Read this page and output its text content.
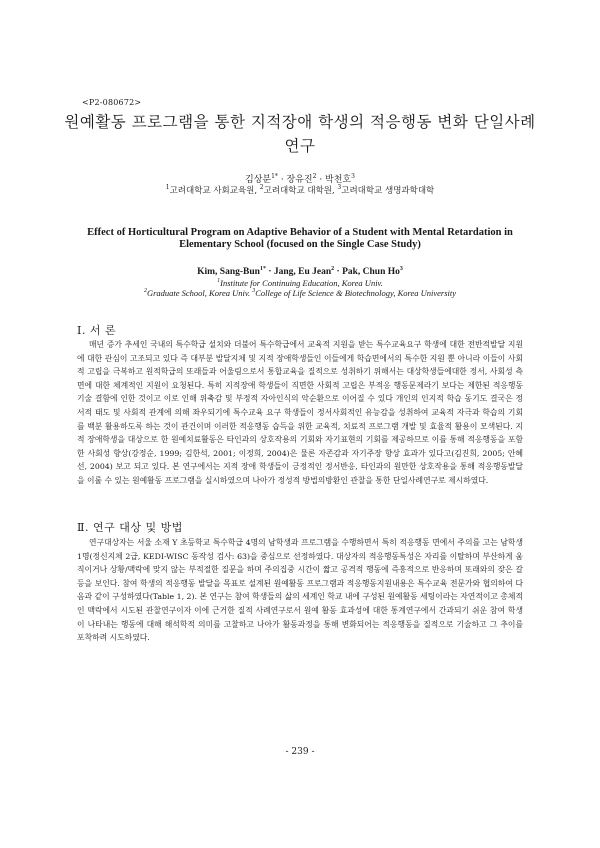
<P2-080672>
원예활동 프로그램을 통한 지적장애 학생의 적응행동 변화 단일사례 연구
김상분$^{1*}$ · 장유진$^2$ · 박천호$^3$
$^1$고려대학교 사회교육원, $^2$고려대학교 대학원, $^3$고려대학교 생명과학대학
Effect of Horticultural Program on Adaptive Behavior of a Student with Mental Retardation in Elementary School (focused on the Single Case Study)
Kim, Sang-Bun$^{1*}$ · Jang, Eu Jean$^2$ · Pak, Chun Ho$^3$
$^1$Institute for Continuing Education, Korea Univ.
$^2$Graduate School, Korea Univ. $^3$College of Life Science & Biotechnology, Korea University
Ⅰ. 서 론
매년 증가 추세인 국내의 특수학급 설치와 더불어 특수학급에서 교육적 지원을 받는 특수교육요구 학생에 대한 전반적발달 지원에 대한 관심이 고조되고 있다 즉 대부분 발달지체 및 지적 장애학생들인 이들에게 학습면에서의 특수한 지원 뿐 아니라 이들이 사회적 고립을 극복하고 원적학급의 또래들과 어울림으로서 통합교육을 질적으로 성취하기 위해서는 대상학생들에대한 정서, 사회성 측면에 대한 체계적인 지원이 요청된다. 특히 지적장애 학생들이 직면한 사회적 고립은 부적응 행동문제라기 보다는 제한된 적응행동 기술 결함에 인한 것이고 이로 인해 위축감 및 부정적 자아인식의 악순환으로 이어질 수 있다 개인의 인지적 학습 동기도 결국은 정서적 태도 및 사회적 관계에 의해 좌우되기에 특수교육 요구 학생들이 정서사회적인 유능감을 성취하여 교육적 자극과 학습의 기회를 백분 활용하도록 하는 것이 관건이며 이러한 적응행동 습득을 위한 교육적, 치료적 프로그램 개발 및 효율적 활용이 모색된다. 지적 장애학생을 대상으로 한 원예치료활동은 타인과의 상호작용의 기회와 자기표현의 기회를 제공하므로 이를 통해 적응행동을 포함한 사회성 향상(강정순, 1999; 김한석, 2001; 이정희, 2004)은 물론 자존감과 자기주장 향상 효과가 있다고(김진희, 2005; 안혜선, 2004) 보고 되고 있다. 본 연구에서는 지적 장애 학생들이 긍정적인 정서반응, 타인과의 원만한 상호작용을 통해 적응행동발달을 이룰 수 있는 원예활동 프로그램을 실시하였으며 나아가 정성적 방법의방환인 관찰을 통한 단일사례연구로 제시하였다.
Ⅱ. 연구 대상 및 방법
연구대상자는 서울 소재 Y 초등학교 특수학급 4명의 남학생과 프로그램을 수행하면서 특히 적응행동 면에서 주의를 고는 남학생 1명(정신지체 2급, KEDI-WISC 동작성 검사: 63)을 중심으로 선정하였다. 대상자의 적응행동특성은 자리를 이탈하며 부산하게 움직이거나 상황/맥락에 맞지 않는 부적절한 질문을 하며 주의집중 시간이 짧고 공격적 행동에 즉흥적으로 반응하며 또래와의 잦은 갈등을 보인다. 참여 학생의 적응행동 발달을 목표로 설계된 원예활동 프로그램과 적응행동지원내용은 특수교육 전문가와 협의하여 다음과 같이 구성하였다(Table 1, 2). 본 연구는 참여 학생들의 삶의 세계인 학교 내에 구성된 원예활동 세팅이라는 자연적이고 총체적인 맥락에서 시도된 관찰연구이자 이에 근거한 질적 사례연구로서 원예 활동 효과성에 대한 통계연구에서 간과되기 쉬운 참여 학생이 나타내는 행동에 대해 해석학적 의미를 고찰하고 나아가 활동과정을 통해 변화되어는 적응행동을 질적으로 기술하고 그 추이를 포착하려 시도하였다.
- 239 -
